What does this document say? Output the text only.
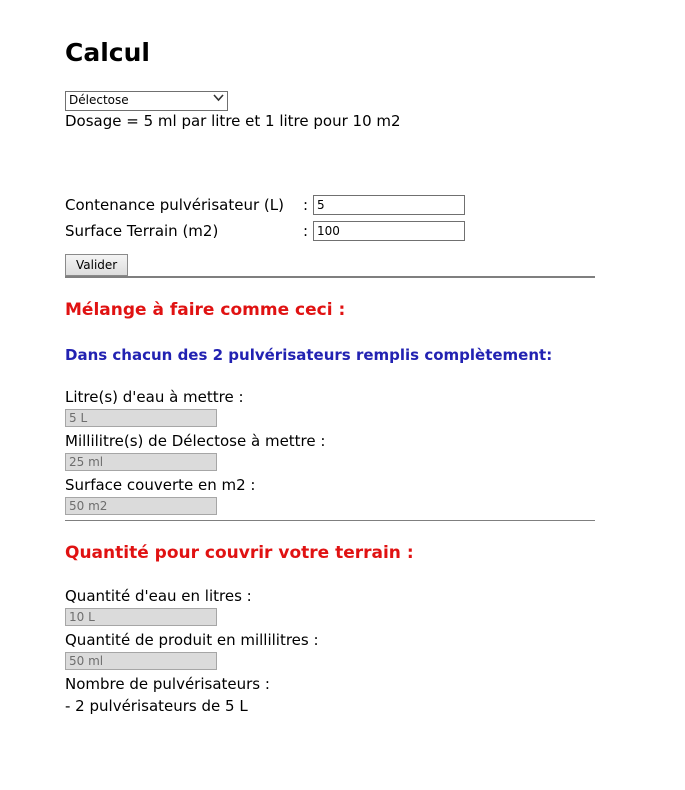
Calcul
Délectose

Dosage = 5 ml par litre et 1 litre pour 10 m2

Contenance pulvérisateur (L)	:
5
Surface Terrain (m2)	:
100
Valider
Mélange à faire comme ceci :
Dans chacun des 2 pulvérisateurs remplis complètement:

Litre(s) d'eau à mettre :

5 L

Millilitre(s) de Délectose à mettre :

25 ml

Surface couverte en m2 :

50 m2
Quantité pour couvrir votre terrain :

Quantité d'eau en litres :

10 L

Quantité de produit en millilitres :

50 ml

Nombre de pulvérisateurs :

- 2 pulvérisateurs de 5 L
